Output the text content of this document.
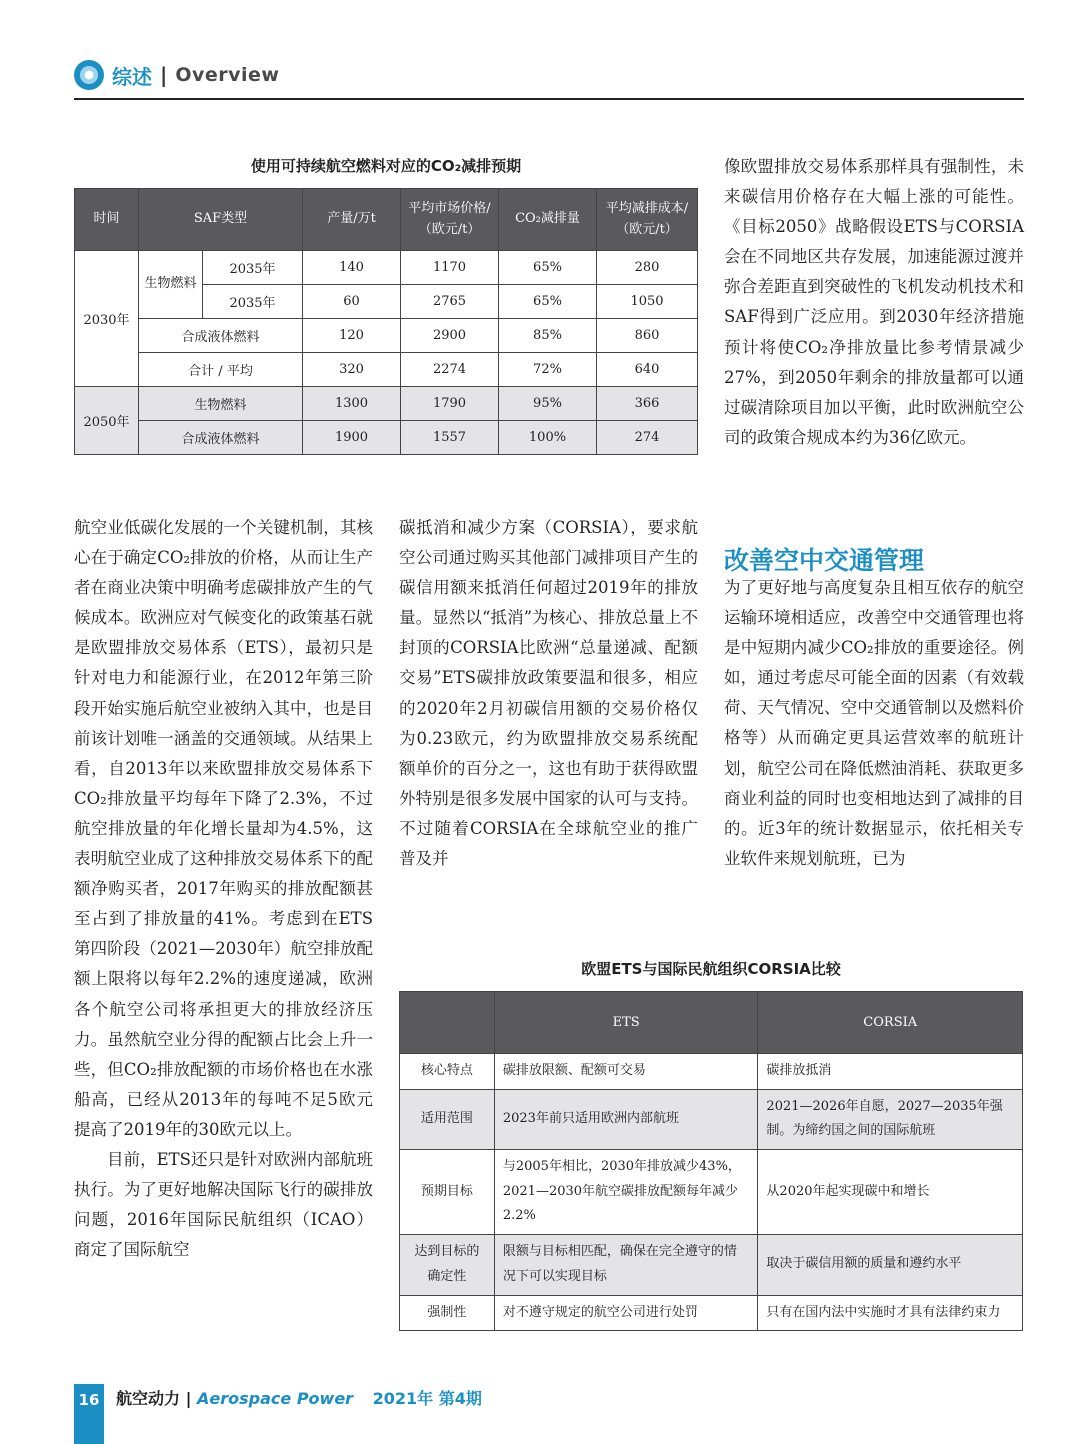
综述 | Overview
使用可持续航空燃料对应的CO₂减排预期
时间	SAF类型		产量/万t	平均市场价格/（欧元/t）	CO₂减排量	平均减排成本/（欧元/t）
2030年	生物燃料	2035年	140	1170	65%	280
		2035年	60	2765	65%	1050
	合成液体燃料		120	2900	85%	860
	合计 / 平均		320	2274	72%	640
2050年	生物燃料		1300	1790	95%	366
	合成液体燃料		1900	1557	100%	274

像欧盟排放交易体系那样具有强制性，未来碳信用价格存在大幅上涨的可能性。《目标2050》战略假设ETS与CORSIA会在不同地区共存发展，加速能源过渡并弥合差距直到突破性的飞机发动机技术和SAF得到广泛应用。到2030年经济措施预计将使CO₂净排放量比参考情景减少27%，到2050年剩余的排放量都可以通过碳清除项目加以平衡，此时欧洲航空公司的政策合规成本约为36亿欧元。

改善空中交通管理

为了更好地与高度复杂且相互依存的航空运输环境相适应，改善空中交通管理也将是中短期内减少CO₂排放的重要途径。例如，通过考虑尽可能全面的因素（有效载荷、天气情况、空中交通管制以及燃料价格等）从而确定更具运营效率的航班计划，航空公司在降低燃油消耗、获取更多商业利益的同时也变相地达到了减排的目的。近3年的统计数据显示，依托相关专业软件来规划航班，已为

航空业低碳化发展的一个关键机制，其核心在于确定CO₂排放的价格，从而让生产者在商业决策中明确考虑碳排放产生的气候成本。欧洲应对气候变化的政策基石就是欧盟排放交易体系（ETS），最初只是针对电力和能源行业，在2012年第三阶段开始实施后航空业被纳入其中，也是目前该计划唯一涵盖的交通领域。从结果上看，自2013年以来欧盟排放交易体系下CO₂排放量平均每年下降了2.3%，不过航空排放量的年化增长量却为4.5%，这表明航空业成了这种排放交易体系下的配额净购买者，2017年购买的排放配额甚至占到了排放量的41%。考虑到在ETS第四阶段（2021—2030年）航空排放配额上限将以每年2.2%的速度递减，欧洲各个航空公司将承担更大的排放经济压力。虽然航空业分得的配额占比会上升一些，但CO₂排放配额的市场价格也在水涨船高，已经从2013年的每吨不足5欧元提高了2019年的30欧元以上。

目前，ETS还只是针对欧洲内部航班执行。为了更好地解决国际飞行的碳排放问题，2016年国际民航组织（ICAO）商定了国际航空

碳抵消和减少方案（CORSIA），要求航空公司通过购买其他部门减排项目产生的碳信用额来抵消任何超过2019年的排放量。显然以“抵消”为核心、排放总量上不封顶的CORSIA比欧洲“总量递减、配额交易”ETS碳排放政策要温和很多，相应的2020年2月初碳信用额的交易价格仅为0.23欧元，约为欧盟排放交易系统配额单价的百分之一，这也有助于获得欧盟外特别是很多发展中国家的认可与支持。不过随着CORSIA在全球航空业的推广普及并

欧盟ETS与国际民航组织CORSIA比较
	ETS	CORSIA
核心特点	碳排放限额、配额可交易	碳排放抵消
适用范围	2023年前只适用欧洲内部航班	2021—2026年自愿，2027—2035年强制。为缔约国之间的国际航班
预期目标	与2005年相比，2030年排放减少43%，2021—2030年航空碳排放配额每年减少2.2%	从2020年起实现碳中和增长
达到目标的确定性	限额与目标相匹配，确保在完全遵守的情况下可以实现目标	取决于碳信用额的质量和遵约水平
强制性	对不遵守规定的航空公司进行处罚	只有在国内法中实施时才具有法律约束力
16 航空动力 | Aerospace Power 2021年 第4期
